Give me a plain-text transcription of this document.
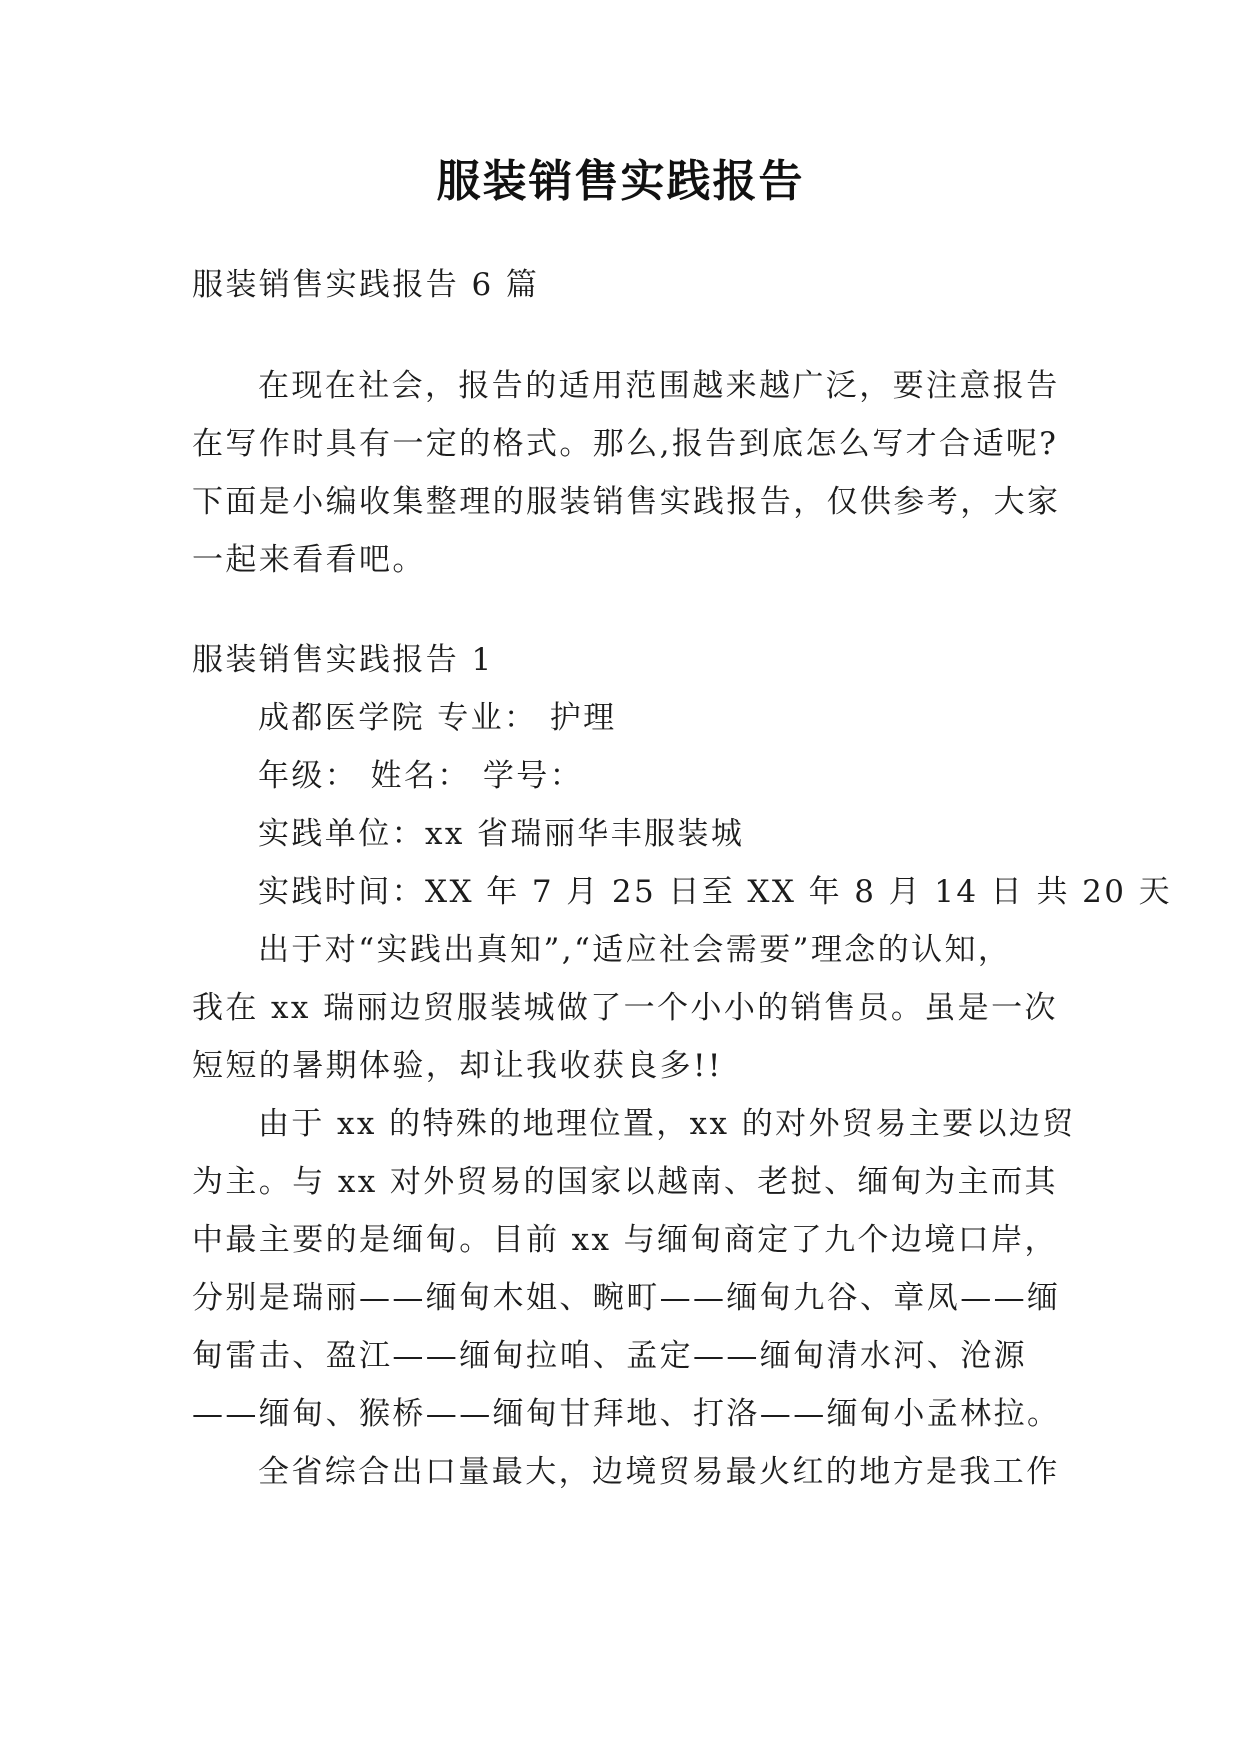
服装销售实践报告
服装销售实践报告 6 篇
在现在社会，报告的适用范围越来越广泛，要注意报告
在写作时具有一定的格式。那么,报告到底怎么写才合适呢?
下面是小编收集整理的服装销售实践报告，仅供参考，大家
一起来看看吧。
服装销售实践报告 1
成都医学院 专业： 护理
年级： 姓名： 学号：
实践单位：xx 省瑞丽华丰服装城
实践时间：XX 年 7 月 25 日至 XX 年 8 月 14 日 共 20 天
出于对“实践出真知”,“适应社会需要”理念的认知，
我在 xx 瑞丽边贸服装城做了一个小小的销售员。虽是一次
短短的暑期体验，却让我收获良多!!
由于 xx 的特殊的地理位置，xx 的对外贸易主要以边贸
为主。与 xx 对外贸易的国家以越南、老挝、缅甸为主而其
中最主要的是缅甸。目前 xx 与缅甸商定了九个边境口岸，
分别是瑞丽——缅甸木姐、畹町——缅甸九谷、章凤——缅
甸雷击、盈江——缅甸拉咱、孟定——缅甸清水河、沧源
——缅甸、猴桥——缅甸甘拜地、打洛——缅甸小孟林拉。
全省综合出口量最大，边境贸易最火红的地方是我工作
